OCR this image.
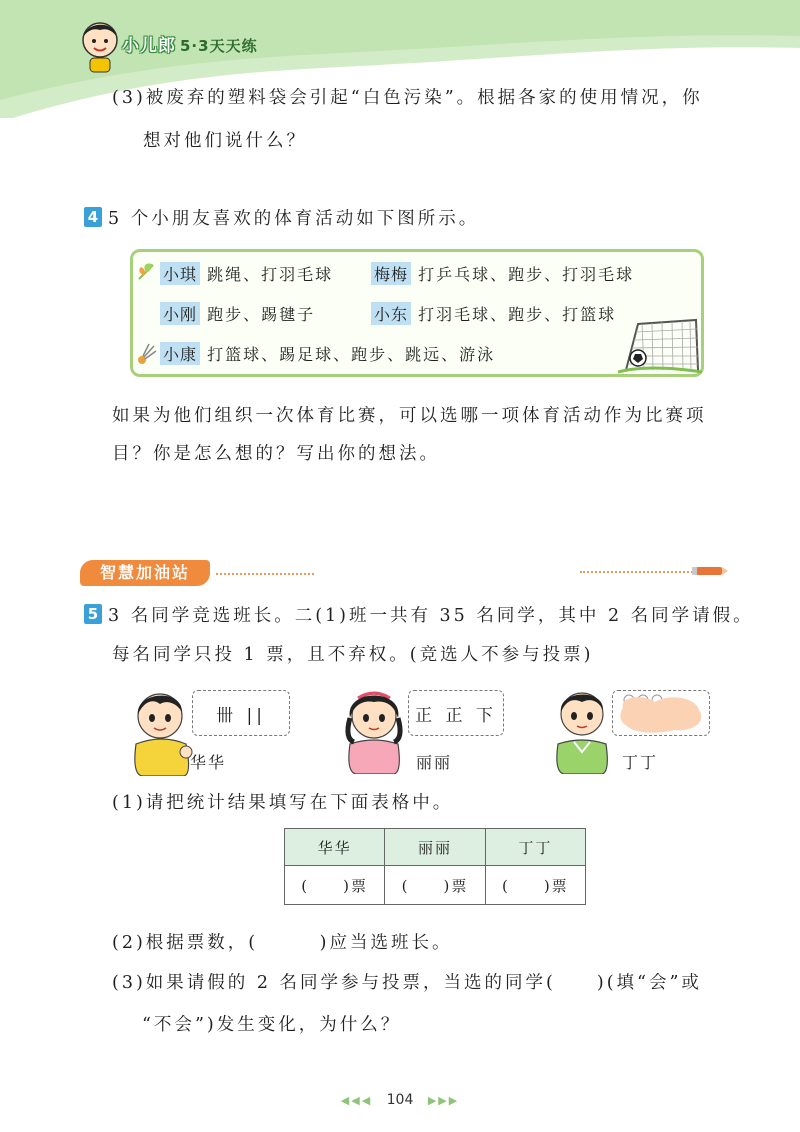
小儿郎 5·3天天练
(3)被废弃的塑料袋会引起“白色污染”。根据各家的使用情况，你
想对他们说什么？
4 5 个小朋友喜欢的体育活动如下图所示。
小琪 跳绳、打羽毛球	梅梅 打乒乓球、跑步、打羽毛球
小刚 跑步、踢毽子	小东 打羽毛球、跑步、打篮球
小康 打篮球、踢足球、跑步、跳远、游泳
如果为他们组织一次体育比赛，可以选哪一项体育活动作为比赛项
目？你是怎么想的？写出你的想法。
智慧加油站
5 3 名同学竞选班长。二(1)班一共有 35 名同学，其中 2 名同学请假。
每名同学只投 1 票，且不弃权。(竞选人不参与投票)
卌 ||
华华
正 正 下
丽丽	丁丁
(1)请把统计结果填写在下面表格中。
华华	丽丽	丁丁
(　　)票	(　　)票	(　　)票
(2)根据票数，(　　　)应当选班长。
(3)如果请假的 2 名同学参与投票，当选的同学(　　)(填“会”或
“不会”)发生变化，为什么？
◀◀◀ 104 ▶▶▶
